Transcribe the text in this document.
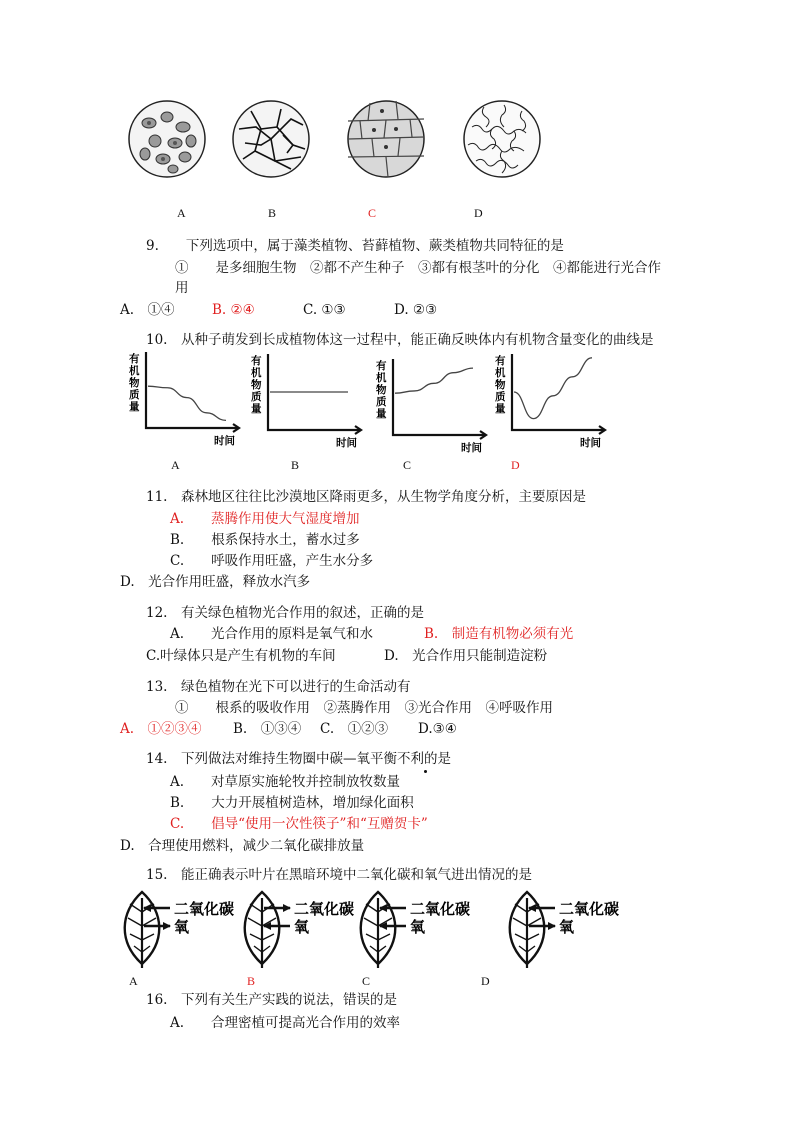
A	B	C	D
9.　　下列选项中，属于藻类植物、苔藓植物、蕨类植物共同特征的是
①　　是多细胞生物　②都不产生种子　③都有根茎叶的分化　④都能进行光合作
用
A.　①④	B. ②④	C. ①③	D. ②③
10.　从种子萌发到长成植物体这一过程中，能正确反映体内有机物含量变化的曲线是
有
机
物
质
量
时间
有
机
物
质
量
时间
有
机
物
质
量
时间
有
机
物
质
量
时间
A	B	C	D
11.　森林地区往往比沙漠地区降雨更多，从生物学角度分析，主要原因是
A.　　蒸腾作用使大气湿度增加
B.　　根系保持水土，蓄水过多
C.　　呼吸作用旺盛，产生水分多
D.　光合作用旺盛，释放水汽多
12.　有关绿色植物光合作用的叙述，正确的是
A.　　光合作用的原料是氧气和水	B.　制造有机物必须有光
C.叶绿体只是产生有机物的车间	D.　光合作用只能制造淀粉
13.　绿色植物在光下可以进行的生命活动有
①　　根系的吸收作用　②蒸腾作用　③光合作用　④呼吸作用
A.　①②③④ B.　①③④ C.　①②③ D.③④
14.　下列做法对维持生物圈中碳—氧平衡不利的是
A.　　对草原实施轮牧并控制放牧数量
B.　　大力开展植树造林，增加绿化面积
C.　　倡导“使用一次性筷子”和“互赠贺卡”
D.　合理使用燃料，减少二氧化碳排放量
15.　能正确表示叶片在黑暗环境中二氧化碳和氧气进出情况的是
二氧化碳
氧
二氧化碳
氧
二氧化碳
氧
二氧化碳
氧
A	B	C	D
16.　下列有关生产实践的说法，错误的是
A.　　合理密植可提高光合作用的效率
